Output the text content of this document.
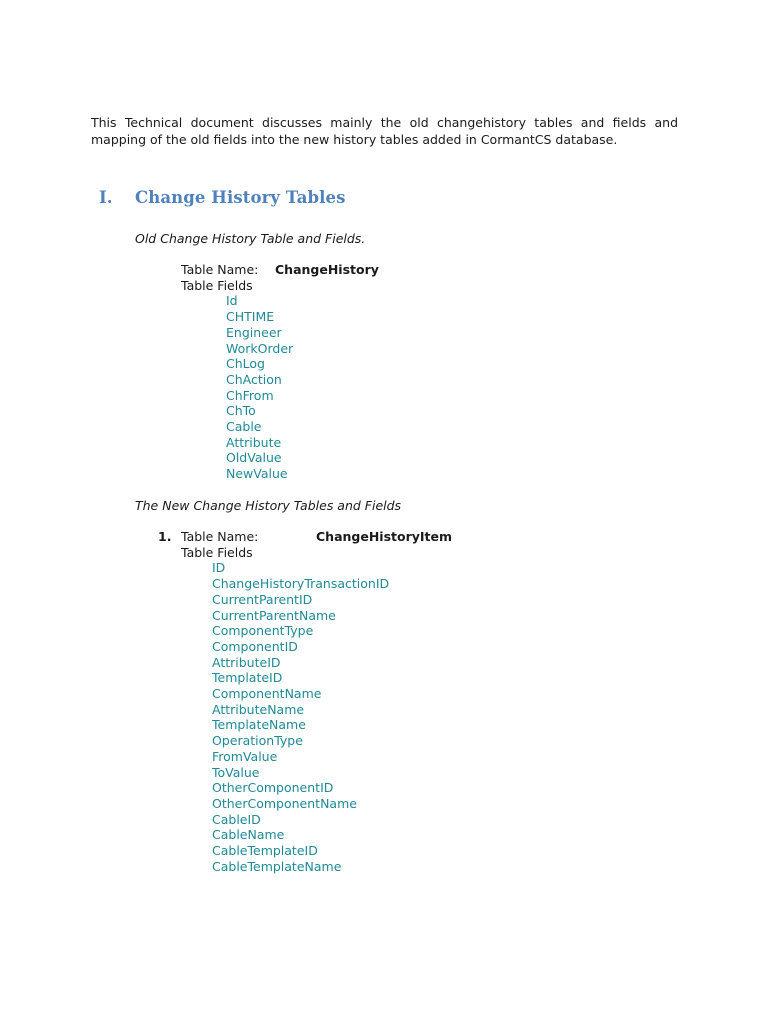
This Technical document discusses mainly the old changehistory tables and fields and mapping of the old fields into the new history tables added in CormantCS database.

I.	Change History Tables

Old Change History Table and Fields.

Table Name:	ChangeHistory
Table Fields
Id
CHTIME
Engineer
WorkOrder
ChLog
ChAction
ChFrom
ChTo
Cable
Attribute
OldValue
NewValue

The New Change History Tables and Fields

1. Table Name:	ChangeHistoryItem
Table Fields
ID
ChangeHistoryTransactionID
CurrentParentID
CurrentParentName
ComponentType
ComponentID
AttributeID
TemplateID
ComponentName
AttributeName
TemplateName
OperationType
FromValue
ToValue
OtherComponentID
OtherComponentName
CableID
CableName
CableTemplateID
CableTemplateName
